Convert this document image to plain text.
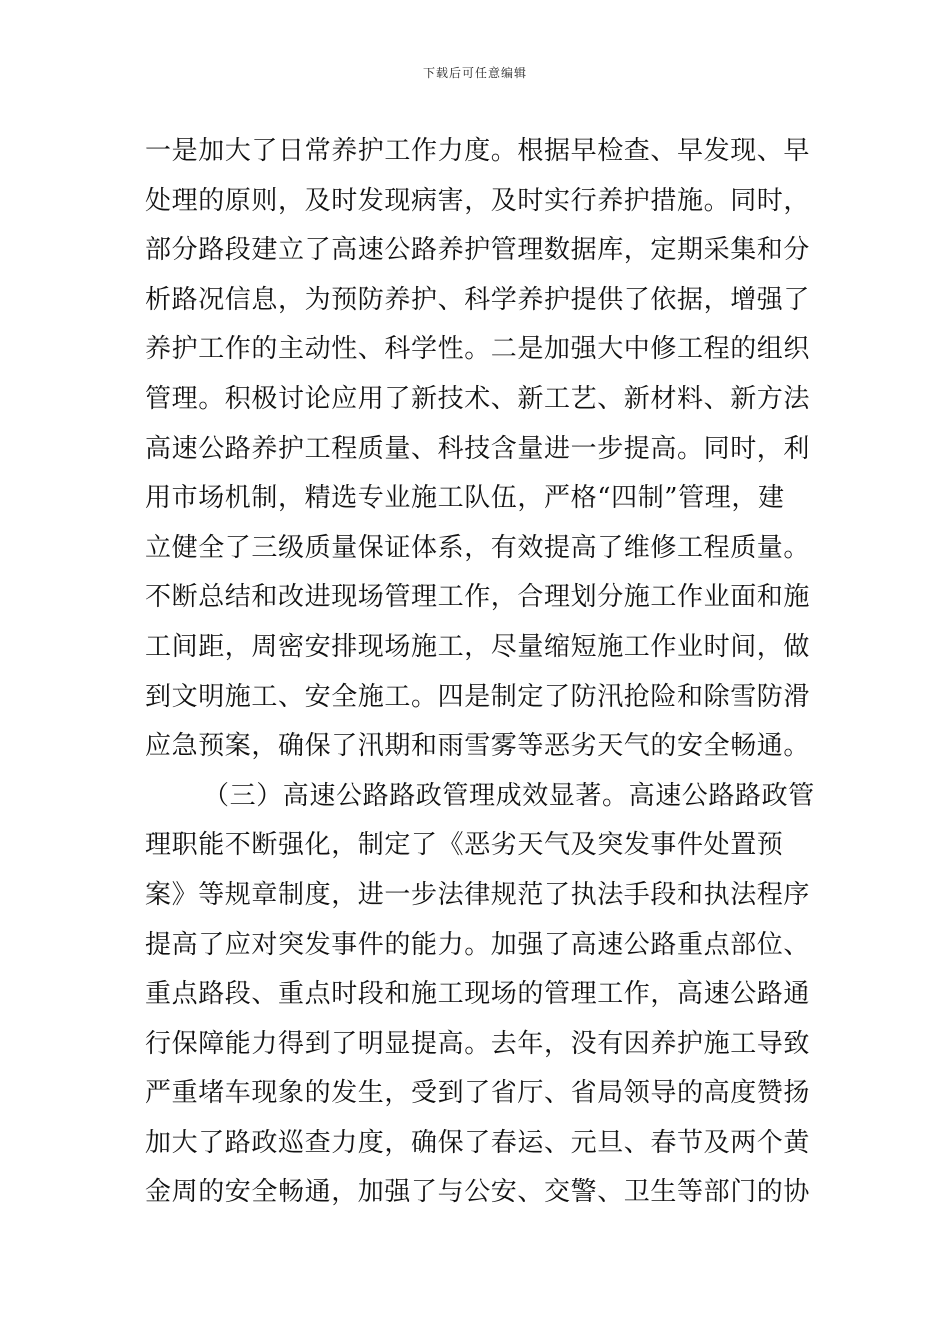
下载后可任意编辑
一是加大了日常养护工作力度。根据早检查、早发现、早
处理的原则，及时发现病害，及时实行养护措施。同时，
部分路段建立了高速公路养护管理数据库，定期采集和分
析路况信息，为预防养护、科学养护提供了依据，增强了
养护工作的主动性、科学性。二是加强大中修工程的组织
管理。积极讨论应用了新技术、新工艺、新材料、新方法
高速公路养护工程质量、科技含量进一步提高。同时，利
用市场机制，精选专业施工队伍，严格“四制”管理，建
立健全了三级质量保证体系，有效提高了维修工程质量。
不断总结和改进现场管理工作，合理划分施工作业面和施
工间距，周密安排现场施工，尽量缩短施工作业时间，做
到文明施工、安全施工。四是制定了防汛抢险和除雪防滑
应急预案，确保了汛期和雨雪雾等恶劣天气的安全畅通。
（三）高速公路路政管理成效显著。高速公路路政管
理职能不断强化，制定了《恶劣天气及突发事件处置预
案》等规章制度，进一步法律规范了执法手段和执法程序
提高了应对突发事件的能力。加强了高速公路重点部位、
重点路段、重点时段和施工现场的管理工作，高速公路通
行保障能力得到了明显提高。去年，没有因养护施工导致
严重堵车现象的发生，受到了省厅、省局领导的高度赞扬
加大了路政巡查力度，确保了春运、元旦、春节及两个黄
金周的安全畅通，加强了与公安、交警、卫生等部门的协
